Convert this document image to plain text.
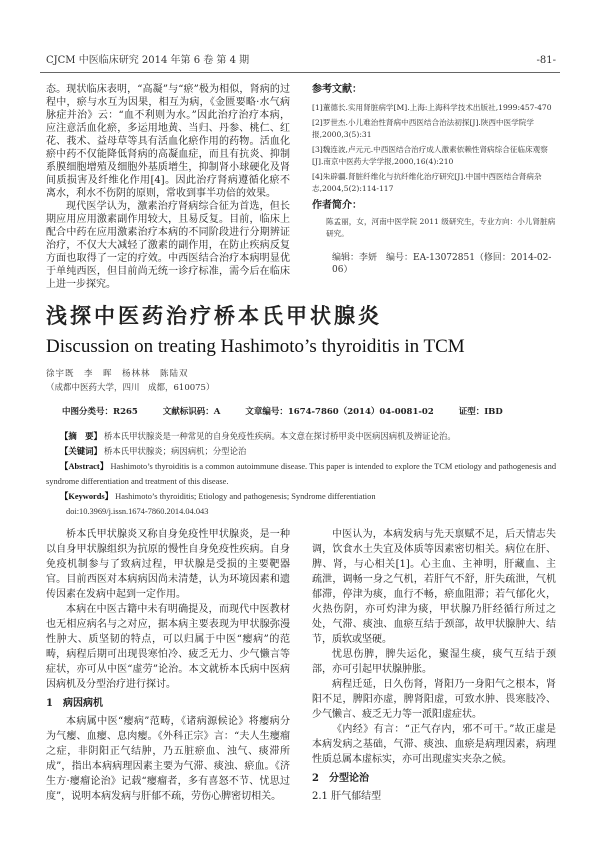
CJCM 中医临床研究 2014 年第 6 卷 第 4 期	-81-
态。现状临床表明，“高凝”与“瘀”极为相似，肾病的过程中，瘀与水互为因果，相互为病，《金匮要略·水气病脉症并治》云：“血不利则为水。”因此治疗治疗本病，应注意活血化瘀，多运用地黄、当归、丹参、桃仁、红花、莪术、益母草等具有活血化瘀作用的药物。活血化瘀中药不仅能降低肾病的高凝血症，而且有抗炎、抑制系膜细胞增殖及细胞外基质增生，抑制肾小球硬化及肾间质损害及纤维化作用[4]。因此治疗肾病遵循化瘀不离水，利水不伤阴的原则，常收到事半功倍的效果。

现代医学认为，激素治疗肾病综合征为首选，但长期应用应用激素副作用较大，且易反复。目前，临床上配合中药在应用激素治疗本病的不同阶段进行分期辨证治疗，不仅大大减轻了激素的副作用，在防止疾病反复方面也取得了一定的疗效。中西医结合治疗本病明显优于单纯西医，但目前尚无统一诊疗标准，需今后在临床上进一步探究。

参考文献：
[1]董德长.实用肾脏病学[M].上海:上海科学技术出版社,1999:457-470
[2]罗世杰.小儿难治性肾病中西医结合治法初探[J].陕西中医学院学报,2000,3(5):31
[3]魏连波,卢元元.中西医结合治疗成人激素依赖性肾病综合征临床观察[J].南京中医药大学学报,2000,16(4):210
[4]朱辟疆.肾脏纤维化与抗纤维化治疗研究[J].中国中西医结合肾病杂志,2004,5(2):114-117
作者简介：
陈孟丽，女，河南中医学院 2011 级研究生，专业方向：小儿肾脏病研究。
编辑：李妍　编号：EA-13072851（修回：2014-02-06）
浅探中医药治疗桥本氏甲状腺炎
Discussion on treating Hashimoto’s thyroiditis in TCM
徐宇既　李　晖　杨林林　陈陆双
（成都中医药大学，四川　成都，610075）
中图分类号：R265	文献标识码：A	文章编号：1674-7860（2014）04-0081-02	证型：IBD
【摘　要】 桥本氏甲状腺炎是一种常见的自身免疫性疾病。本文意在探讨桥甲炎中医病因病机及辨证论治。
【关键词】 桥本氏甲状腺炎；病因病机；分型论治
【Abstract】 Hashimoto’s thyroiditis is a common autoimmune disease. This paper is intended to explore the TCM etiology and pathogenesis and syndrome differentiation and treatment of this disease.
【Keywords】 Hashimoto’s thyroiditis; Etiology and pathogenesis; Syndrome differentiation
doi:10.3969/j.issn.1674-7860.2014.04.043

桥本氏甲状腺炎又称自身免疫性甲状腺炎，是一种以自身甲状腺组织为抗原的慢性自身免疫性疾病。自身免疫机制参与了致病过程，甲状腺是受损的主要靶器官。目前西医对本病病因尚未清楚，认为环境因素和遗传因素在发病中起到一定作用。

本病在中医古籍中未有明确提及，而现代中医教材也无相应病名与之对应，据本病主要表现为甲状腺弥漫性肿大、质坚韧的特点，可以归属于中医“瘿病”的范畴，病程后期可出现畏寒怕冷、疲乏无力、少气懒言等症状，亦可从中医“虚劳”论治。本文就桥本氏病中医病因病机及分型治疗进行探讨。

1　病因病机

本病属中医“瘿病”范畴，《诸病源候论》将瘿病分为气瘿、血瘿、息肉瘿。《外科正宗》言：“夫人生瘿瘤之症，非阴阳正气结肿，乃五脏瘀血、浊气、痰滞所成”，指出本病病理因素主要为气滞、痰浊、瘀血。《济生方·瘿瘤论治》记载“瘿瘤者，多有喜怒不节、忧思过度”，说明本病发病与肝郁不疏，劳伤心脾密切相关。

中医认为，本病发病与先天禀赋不足，后天情志失调，饮食水土失宜及体质等因素密切相关。病位在肝、脾、肾，与心相关[1]。心主血、主神明，肝藏血、主疏泄，调畅一身之气机，若肝气不舒，肝失疏泄，气机郁滞，停津为痰，血行不畅，瘀血阻滞；若气郁化火，火热伤阴，亦可灼津为痰，甲状腺乃肝经循行所过之处，气滞、痰浊、血瘀互结于颈部，故甲状腺肿大、结节，质软或坚硬。

忧思伤脾，脾失运化，聚湿生痰，痰气互结于颈部，亦可引起甲状腺肿胀。

病程迁延，日久伤肾，肾阳乃一身阳气之根本，肾阳不足，脾阳亦虚，脾肾阳虚，可致水肿、畏寒肢冷、少气懒言、疲乏无力等一派阳虚症状。

《内经》有言：“正气存内，邪不可干。”故正虚是本病发病之基础，气滞、痰浊、血瘀是病理因素，病理性质总属本虚标实，亦可出现虚实夹杂之候。

2　分型论治
2.1 肝气郁结型
